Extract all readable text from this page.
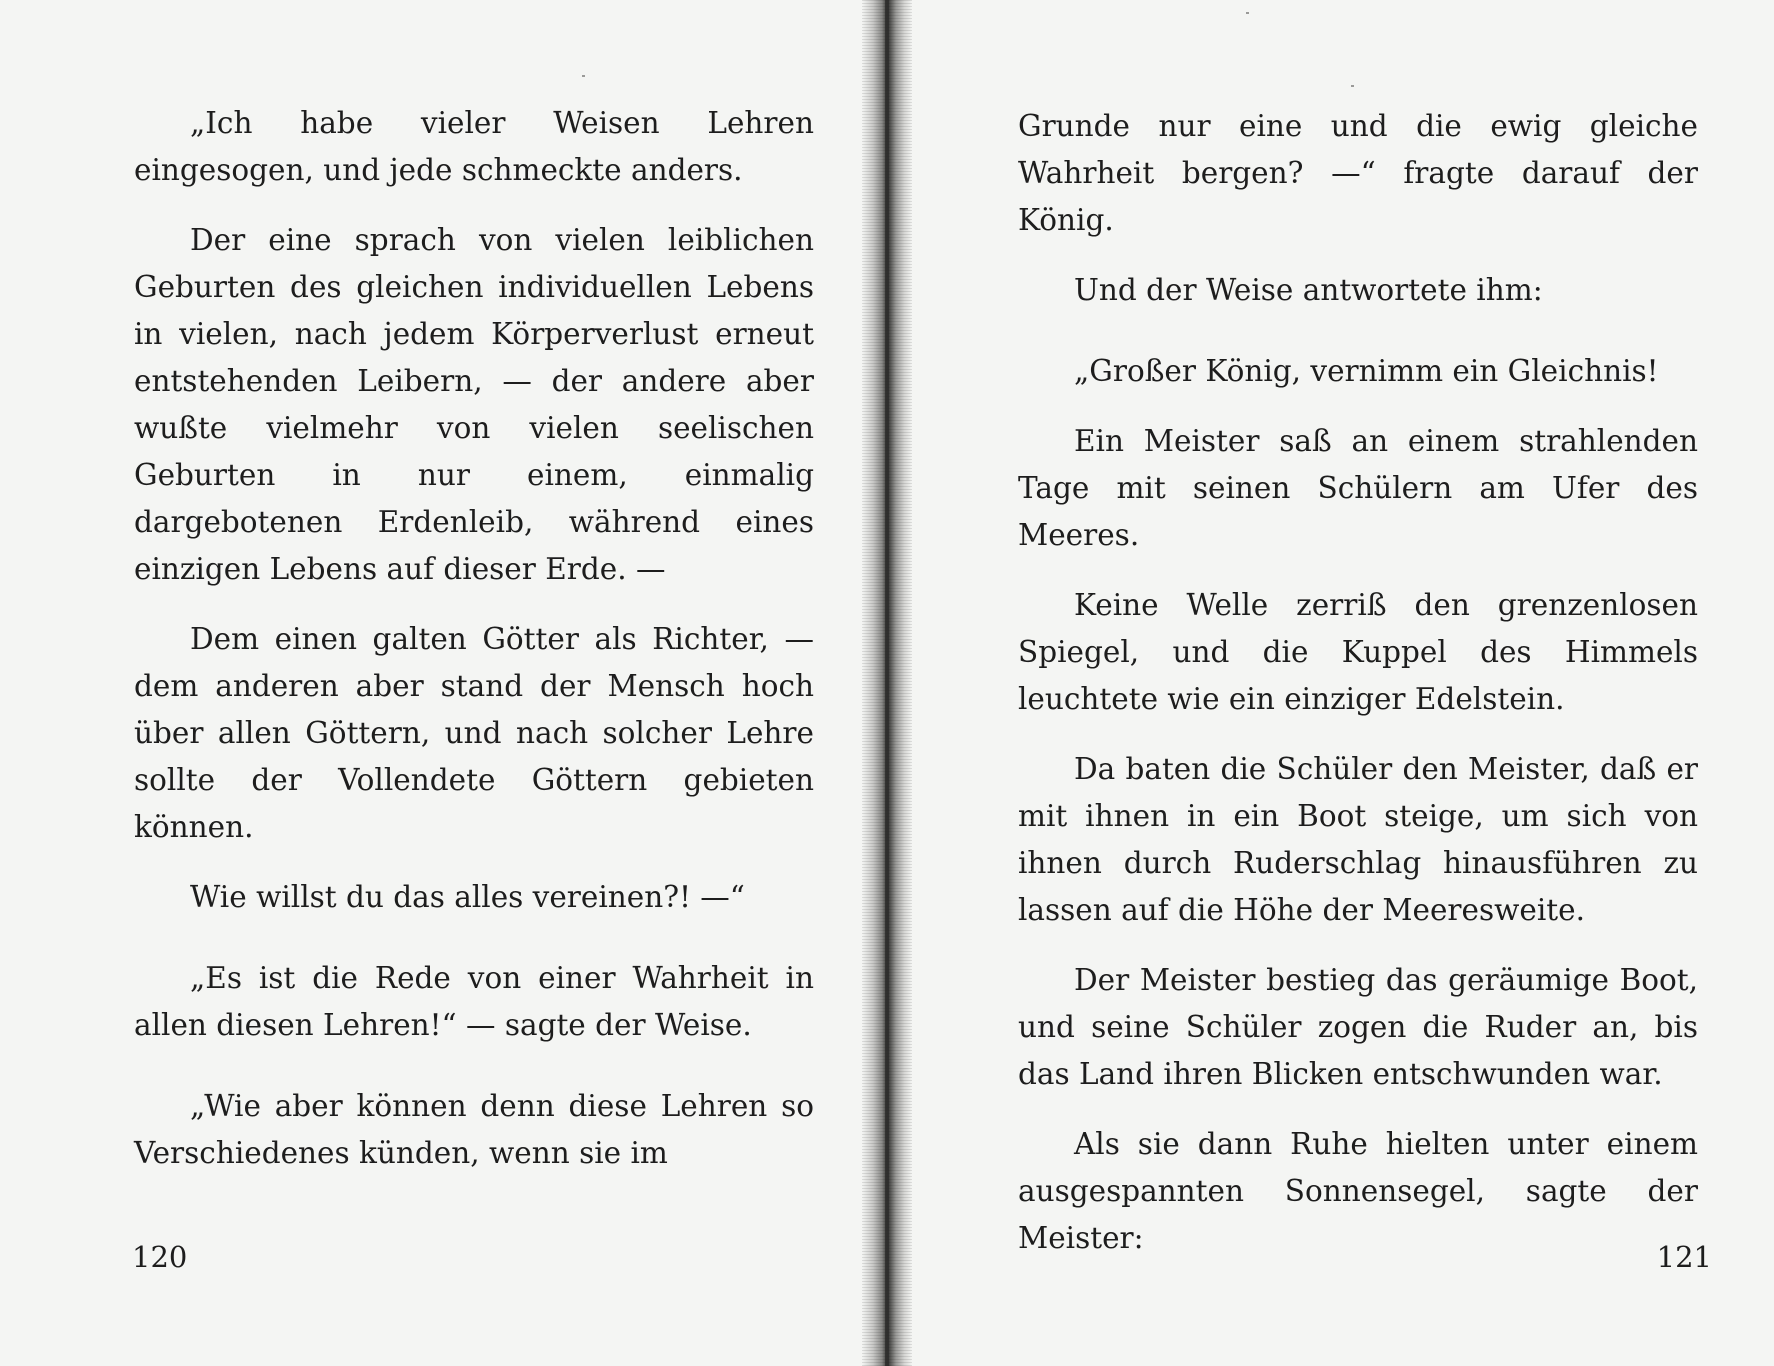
„Ich habe vieler Weisen Lehren eingesogen, und jede schmeckte anders.

Der eine sprach von vielen leiblichen Geburten des gleichen individuellen Lebens in vielen, nach jedem Körperverlust erneut entstehenden Leibern, — der andere aber wußte vielmehr von vielen seelischen Geburten in nur einem, einmalig dargebotenen Erdenleib, während eines einzigen Lebens auf dieser Erde. —

Dem einen galten Götter als Richter, — dem anderen aber stand der Mensch hoch über allen Göttern, und nach solcher Lehre sollte der Vollendete Göttern gebieten können.

Wie willst du das alles vereinen?! —“

„Es ist die Rede von einer Wahrheit in allen diesen Lehren!“ — sagte der Weise.

„Wie aber können denn diese Lehren so Verschiedenes künden, wenn sie im

120

Grunde nur eine und die ewig gleiche Wahrheit bergen? —“ fragte darauf der König.

Und der Weise antwortete ihm:

„Großer König, vernimm ein Gleichnis!

Ein Meister saß an einem strahlenden Tage mit seinen Schülern am Ufer des Meeres.

Keine Welle zerriß den grenzenlosen Spiegel, und die Kuppel des Himmels leuchtete wie ein einziger Edelstein.

Da baten die Schüler den Meister, daß er mit ihnen in ein Boot steige, um sich von ihnen durch Ruderschlag hinausführen zu lassen auf die Höhe der Meeresweite.

Der Meister bestieg das geräumige Boot, und seine Schüler zogen die Ruder an, bis das Land ihren Blicken entschwunden war.

Als sie dann Ruhe hielten unter einem ausgespannten Sonnensegel, sagte der Meister:

121
